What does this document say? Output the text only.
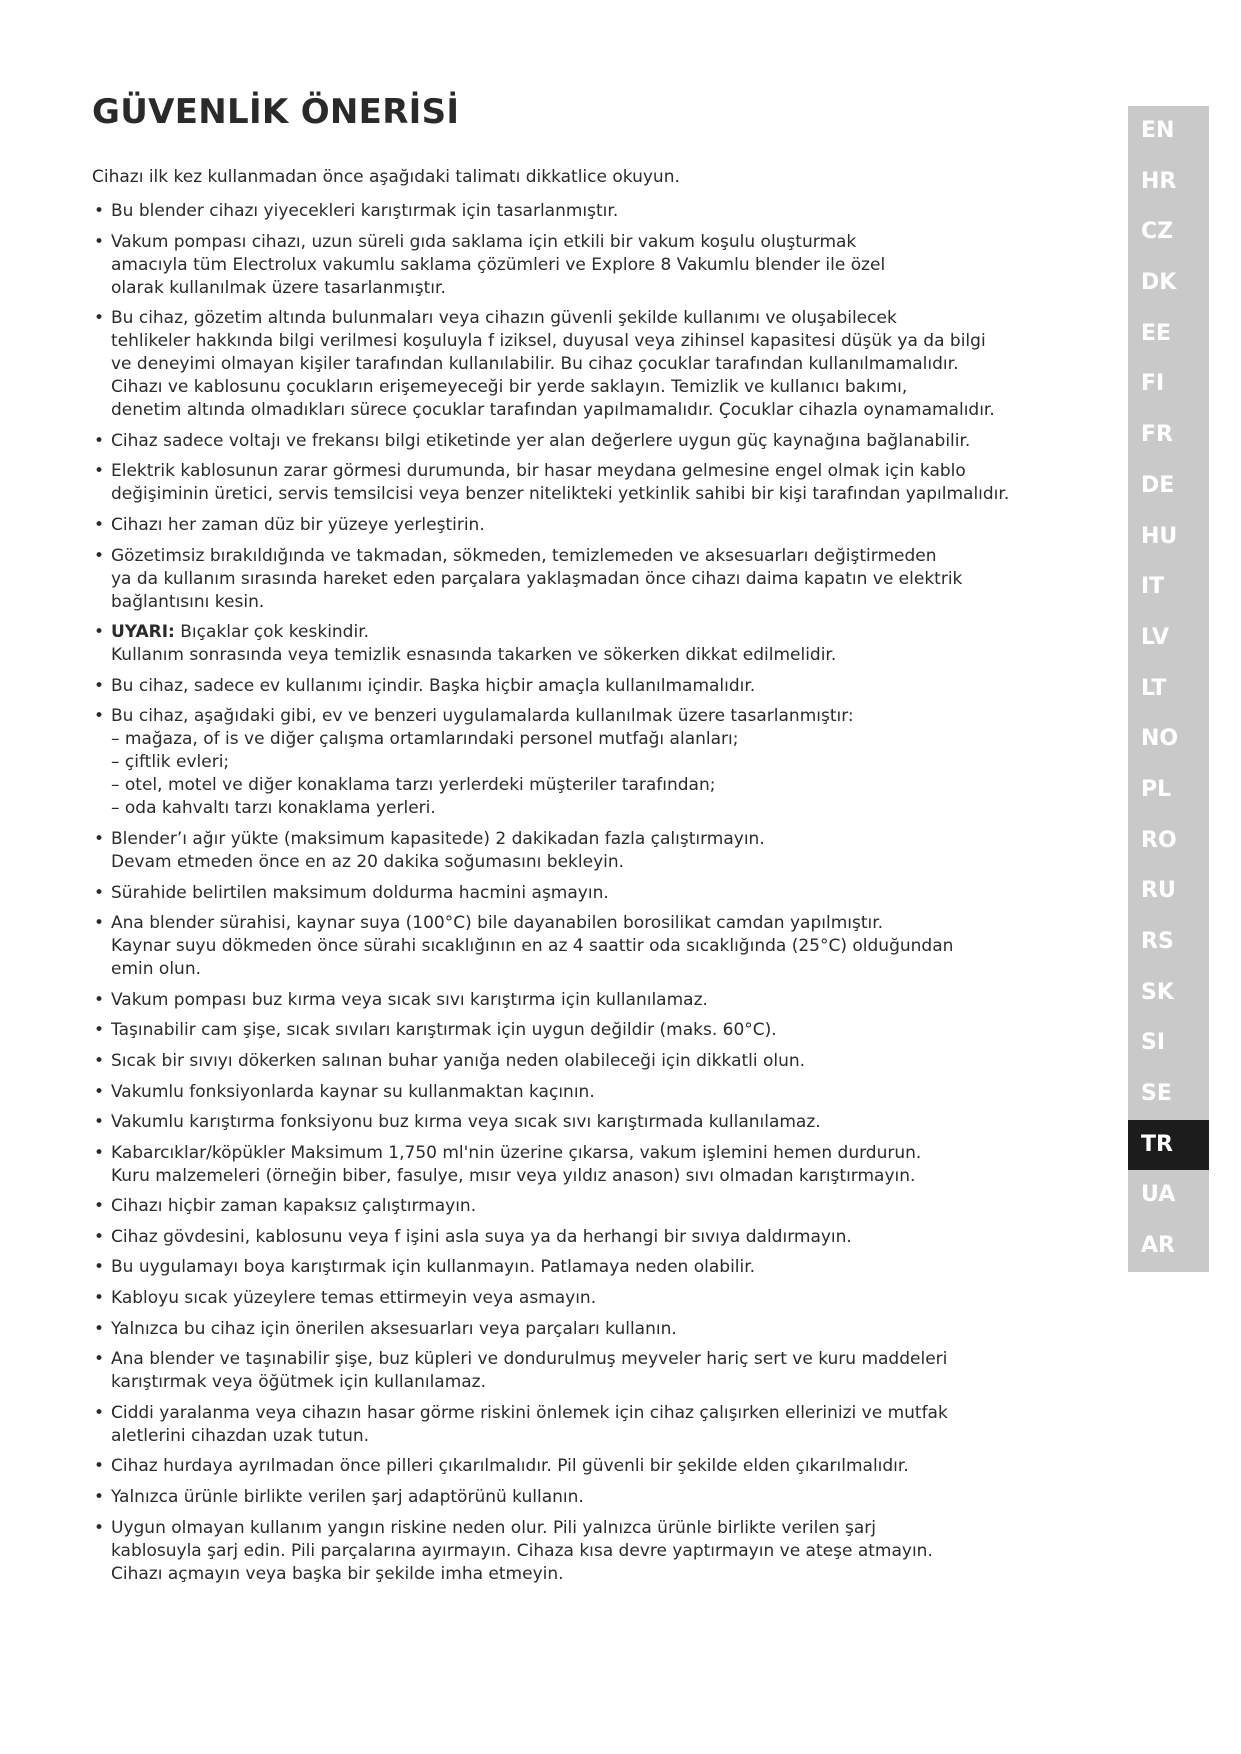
GÜVENLİK ÖNERİSİ

Cihazı ilk kez kullanmadan önce aşağıdaki talimatı dikkatlice okuyun.

• Bu blender cihazı yiyecekleri karıştırmak için tasarlanmıştır.
• Vakum pompası cihazı, uzun süreli gıda saklama için etkili bir vakum koşulu oluşturmak
amacıyla tüm Electrolux vakumlu saklama çözümleri ve Explore 8 Vakumlu blender ile özel
olarak kullanılmak üzere tasarlanmıştır.
• Bu cihaz, gözetim altında bulunmaları veya cihazın güvenli şekilde kullanımı ve oluşabilecek
tehlikeler hakkında bilgi verilmesi koşuluyla f iziksel, duyusal veya zihinsel kapasitesi düşük ya da bilgi
ve deneyimi olmayan kişiler tarafından kullanılabilir. Bu cihaz çocuklar tarafından kullanılmamalıdır.
Cihazı ve kablosunu çocukların erişemeyeceği bir yerde saklayın. Temizlik ve kullanıcı bakımı,
denetim altında olmadıkları sürece çocuklar tarafından yapılmamalıdır. Çocuklar cihazla oynamamalıdır.
• Cihaz sadece voltajı ve frekansı bilgi etiketinde yer alan değerlere uygun güç kaynağına bağlanabilir.
• Elektrik kablosunun zarar görmesi durumunda, bir hasar meydana gelmesine engel olmak için kablo
değişiminin üretici, servis temsilcisi veya benzer nitelikteki yetkinlik sahibi bir kişi tarafından yapılmalıdır.
• Cihazı her zaman düz bir yüzeye yerleştirin.
• Gözetimsiz bırakıldığında ve takmadan, sökmeden, temizlemeden ve aksesuarları değiştirmeden
ya da kullanım sırasında hareket eden parçalara yaklaşmadan önce cihazı daima kapatın ve elektrik
bağlantısını kesin.
• UYARI: Bıçaklar çok keskindir.
Kullanım sonrasında veya temizlik esnasında takarken ve sökerken dikkat edilmelidir.
• Bu cihaz, sadece ev kullanımı içindir. Başka hiçbir amaçla kullanılmamalıdır.
• Bu cihaz, aşağıdaki gibi, ev ve benzeri uygulamalarda kullanılmak üzere tasarlanmıştır:
– mağaza, of is ve diğer çalışma ortamlarındaki personel mutfağı alanları;
– çiftlik evleri;
– otel, motel ve diğer konaklama tarzı yerlerdeki müşteriler tarafından;
– oda kahvaltı tarzı konaklama yerleri.
• Blender’ı ağır yükte (maksimum kapasitede) 2 dakikadan fazla çalıştırmayın.
Devam etmeden önce en az 20 dakika soğumasını bekleyin.
• Sürahide belirtilen maksimum doldurma hacmini aşmayın.
• Ana blender sürahisi, kaynar suya (100°C) bile dayanabilen borosilikat camdan yapılmıştır.
Kaynar suyu dökmeden önce sürahi sıcaklığının en az 4 saattir oda sıcaklığında (25°C) olduğundan
emin olun.
• Vakum pompası buz kırma veya sıcak sıvı karıştırma için kullanılamaz.
• Taşınabilir cam şişe, sıcak sıvıları karıştırmak için uygun değildir (maks. 60°C).
• Sıcak bir sıvıyı dökerken salınan buhar yanığa neden olabileceği için dikkatli olun.
• Vakumlu fonksiyonlarda kaynar su kullanmaktan kaçının.
• Vakumlu karıştırma fonksiyonu buz kırma veya sıcak sıvı karıştırmada kullanılamaz.
• Kabarcıklar/köpükler Maksimum 1,750 ml'nin üzerine çıkarsa, vakum işlemini hemen durdurun.
Kuru malzemeleri (örneğin biber, fasulye, mısır veya yıldız anason) sıvı olmadan karıştırmayın.
• Cihazı hiçbir zaman kapaksız çalıştırmayın.
• Cihaz gövdesini, kablosunu veya f işini asla suya ya da herhangi bir sıvıya daldırmayın.
• Bu uygulamayı boya karıştırmak için kullanmayın. Patlamaya neden olabilir.
• Kabloyu sıcak yüzeylere temas ettirmeyin veya asmayın.
• Yalnızca bu cihaz için önerilen aksesuarları veya parçaları kullanın.
• Ana blender ve taşınabilir şişe, buz küpleri ve dondurulmuş meyveler hariç sert ve kuru maddeleri
karıştırmak veya öğütmek için kullanılamaz.
• Ciddi yaralanma veya cihazın hasar görme riskini önlemek için cihaz çalışırken ellerinizi ve mutfak
aletlerini cihazdan uzak tutun.
• Cihaz hurdaya ayrılmadan önce pilleri çıkarılmalıdır. Pil güvenli bir şekilde elden çıkarılmalıdır.
• Yalnızca ürünle birlikte verilen şarj adaptörünü kullanın.
• Uygun olmayan kullanım yangın riskine neden olur. Pili yalnızca ürünle birlikte verilen şarj
kablosuyla şarj edin. Pili parçalarına ayırmayın. Cihaza kısa devre yaptırmayın ve ateşe atmayın.
Cihazı açmayın veya başka bir şekilde imha etmeyin.
EN
HR
CZ
DK
EE
FI
FR
DE
HU
IT
LV
LT
NO
PL
RO
RU
RS
SK
SI
SE
TR
UA
AR
